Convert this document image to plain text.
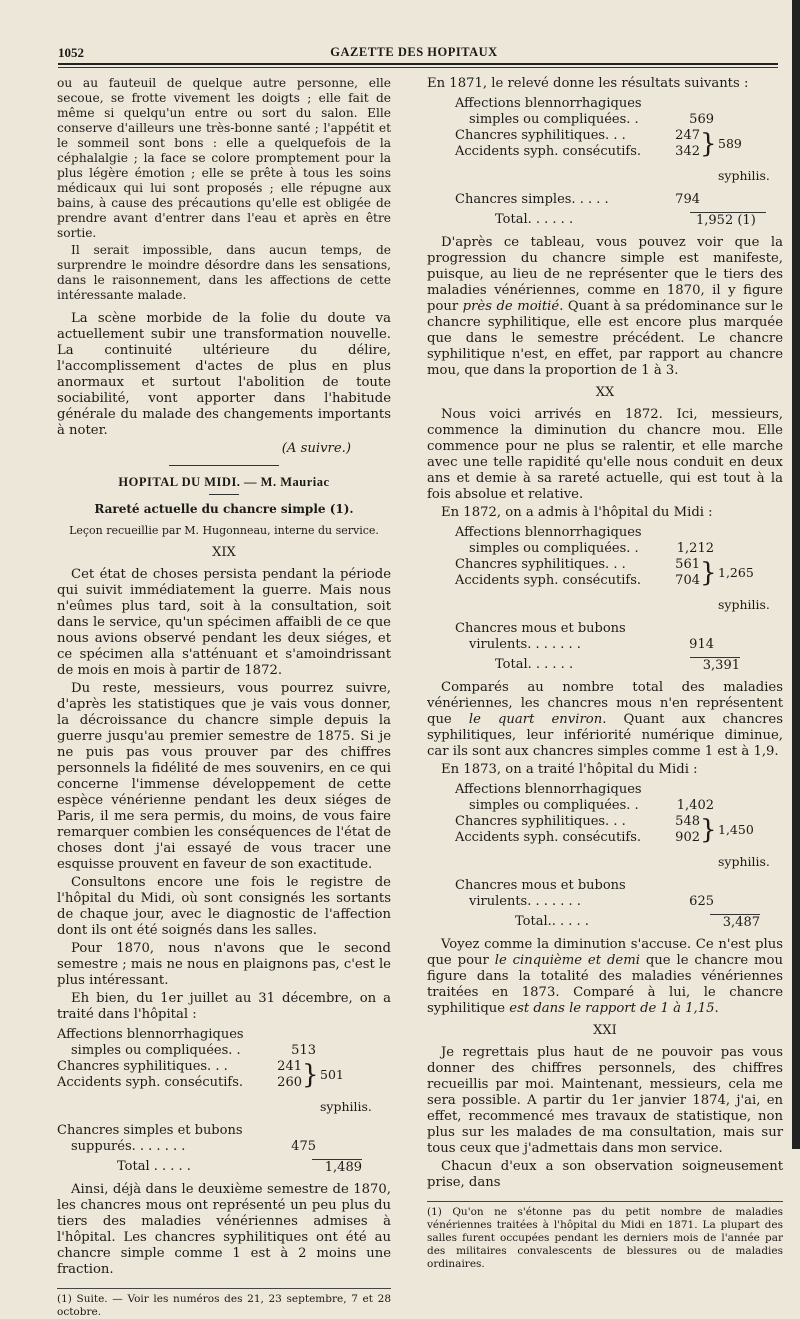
1052	GAZETTE DES HOPITAUX

ou au fauteuil de quelque autre personne, elle secoue, se frotte vivement les doigts ; elle fait de même si quelqu'un entre ou sort du salon. Elle conserve d'ailleurs une très-bonne santé ; l'appétit et le sommeil sont bons : elle a quelquefois de la céphalalgie ; la face se colore promptement pour la plus légère émotion ; elle se prête à tous les soins médicaux qui lui sont proposés ; elle répugne aux bains, à cause des précautions qu'elle est obligée de prendre avant d'entrer dans l'eau et après en être sortie.

Il serait impossible, dans aucun temps, de surprendre le moindre désordre dans les sensations, dans le raisonnement, dans les affections de cette intéressante malade.

La scène morbide de la folie du doute va actuellement subir une transformation nouvelle. La continuité ultérieure du délire, l'accomplissement d'actes de plus en plus anormaux et surtout l'abolition de toute sociabilité, vont apporter dans l'habitude générale du malade des changements importants à noter.

(A suivre.)
HOPITAL DU MIDI. — M. Mauriac
Rareté actuelle du chancre simple (1).
Leçon recueillie par M. Hugonneau, interne du service.
XIX

Cet état de choses persista pendant la période qui suivit immédiatement la guerre. Mais nous n'eûmes plus tard, soit à la consultation, soit dans le service, qu'un spécimen affaibli de ce que nous avions observé pendant les deux siéges, et ce spécimen alla s'atténuant et s'amoindrissant de mois en mois à partir de 1872.

Du reste, messieurs, vous pourrez suivre, d'après les statistiques que je vais vous donner, la décroissance du chancre simple depuis la guerre jusqu'au premier semestre de 1875. Si je ne puis pas vous prouver par des chiffres personnels la fidélité de mes souvenirs, en ce qui concerne l'immense développement de cette espèce vénérienne pendant les deux siéges de Paris, il me sera permis, du moins, de vous faire remarquer combien les conséquences de l'état de choses dont j'ai essayé de vous tracer une esquisse prouvent en faveur de son exactitude.

Consultons encore une fois le registre de l'hôpital du Midi, où sont consignés les sortants de chaque jour, avec le diagnostic de l'affection dont ils ont été soignés dans les salles.

Pour 1870, nous n'avons que le second semestre ; mais ne nous en plaignons pas, c'est le plus intéressant.

Eh bien, du 1er juillet au 31 décembre, on a traité dans l'hôpital :

Affections blennorrhagiques
simples ou compliquées. .	513
Chancres syphilitiques. . .	241
Accidents syph. consécutifs.	260 } 501 syphilis.
Chancres simples et bubons
suppurés. . . . . . .	475
Total . . . . .	1,489

Ainsi, déjà dans le deuxième semestre de 1870, les chancres mous ont représenté un peu plus du tiers des maladies vénériennes admises à l'hôpital. Les chancres syphilitiques ont été au chancre simple comme 1 est à 2 moins une fraction.

(1) Suite. — Voir les numéros des 21, 23 septembre, 7 et 28 octobre.

En 1871, le relevé donne les résultats suivants :

Affections blennorrhagiques
simples ou compliquées. .	569
Chancres syphilitiques. . .	247
Accidents syph. consécutifs.	342 } 589 syphilis.
Chancres simples. . . . .	794
Total. . . . . .	1,952 (1)

D'après ce tableau, vous pouvez voir que la progression du chancre simple est manifeste, puisque, au lieu de ne représenter que le tiers des maladies vénériennes, comme en 1870, il y figure pour près de moitié. Quant à sa prédominance sur le chancre syphilitique, elle est encore plus marquée que dans le semestre précédent. Le chancre syphilitique n'est, en effet, par rapport au chancre mou, que dans la proportion de 1 à 3.

XX

Nous voici arrivés en 1872. Ici, messieurs, commence la diminution du chancre mou. Elle commence pour ne plus se ralentir, et elle marche avec une telle rapidité qu'elle nous conduit en deux ans et demie à sa rareté actuelle, qui est tout à la fois absolue et relative.

En 1872, on a admis à l'hôpital du Midi :

Affections blennorrhagiques
simples ou compliquées. .	1,212
Chancres syphilitiques. . .	561
Accidents syph. consécutifs.	704 } 1,265 syphilis.
Chancres mous et bubons
virulents. . . . . . .	914
Total. . . . . .	3,391

Comparés au nombre total des maladies vénériennes, les chancres mous n'en représentent que le quart environ. Quant aux chancres syphilitiques, leur infériorité numérique diminue, car ils sont aux chancres simples comme 1 est à 1,9.

En 1873, on a traité l'hôpital du Midi :

Affections blennorrhagiques
simples ou compliquées. .	1,402
Chancres syphilitiques. . .	548
Accidents syph. consécutifs.	902 } 1,450 syphilis.
Chancres mous et bubons
virulents. . . . . . .	625
Total.. . . . .	3,487

Voyez comme la diminution s'accuse. Ce n'est plus que pour le cinquième et demi que le chancre mou figure dans la totalité des maladies vénériennes traitées en 1873. Comparé à lui, le chancre syphilitique est dans le rapport de 1 à 1,15.

XXI

Je regrettais plus haut de ne pouvoir pas vous donner des chiffres personnels, des chiffres recueillis par moi. Maintenant, messieurs, cela me sera possible. A partir du 1er janvier 1874, j'ai, en effet, recommencé mes travaux de statistique, non plus sur les malades de ma consultation, mais sur tous ceux que j'admettais dans mon service.

Chacun d'eux a son observation soigneusement prise, dans

(1) Qu'on ne s'étonne pas du petit nombre de maladies vénériennes traitées à l'hôpital du Midi en 1871. La plupart des salles furent occupées pendant les derniers mois de l'année par des militaires convalescents de blessures ou de maladies ordinaires.
